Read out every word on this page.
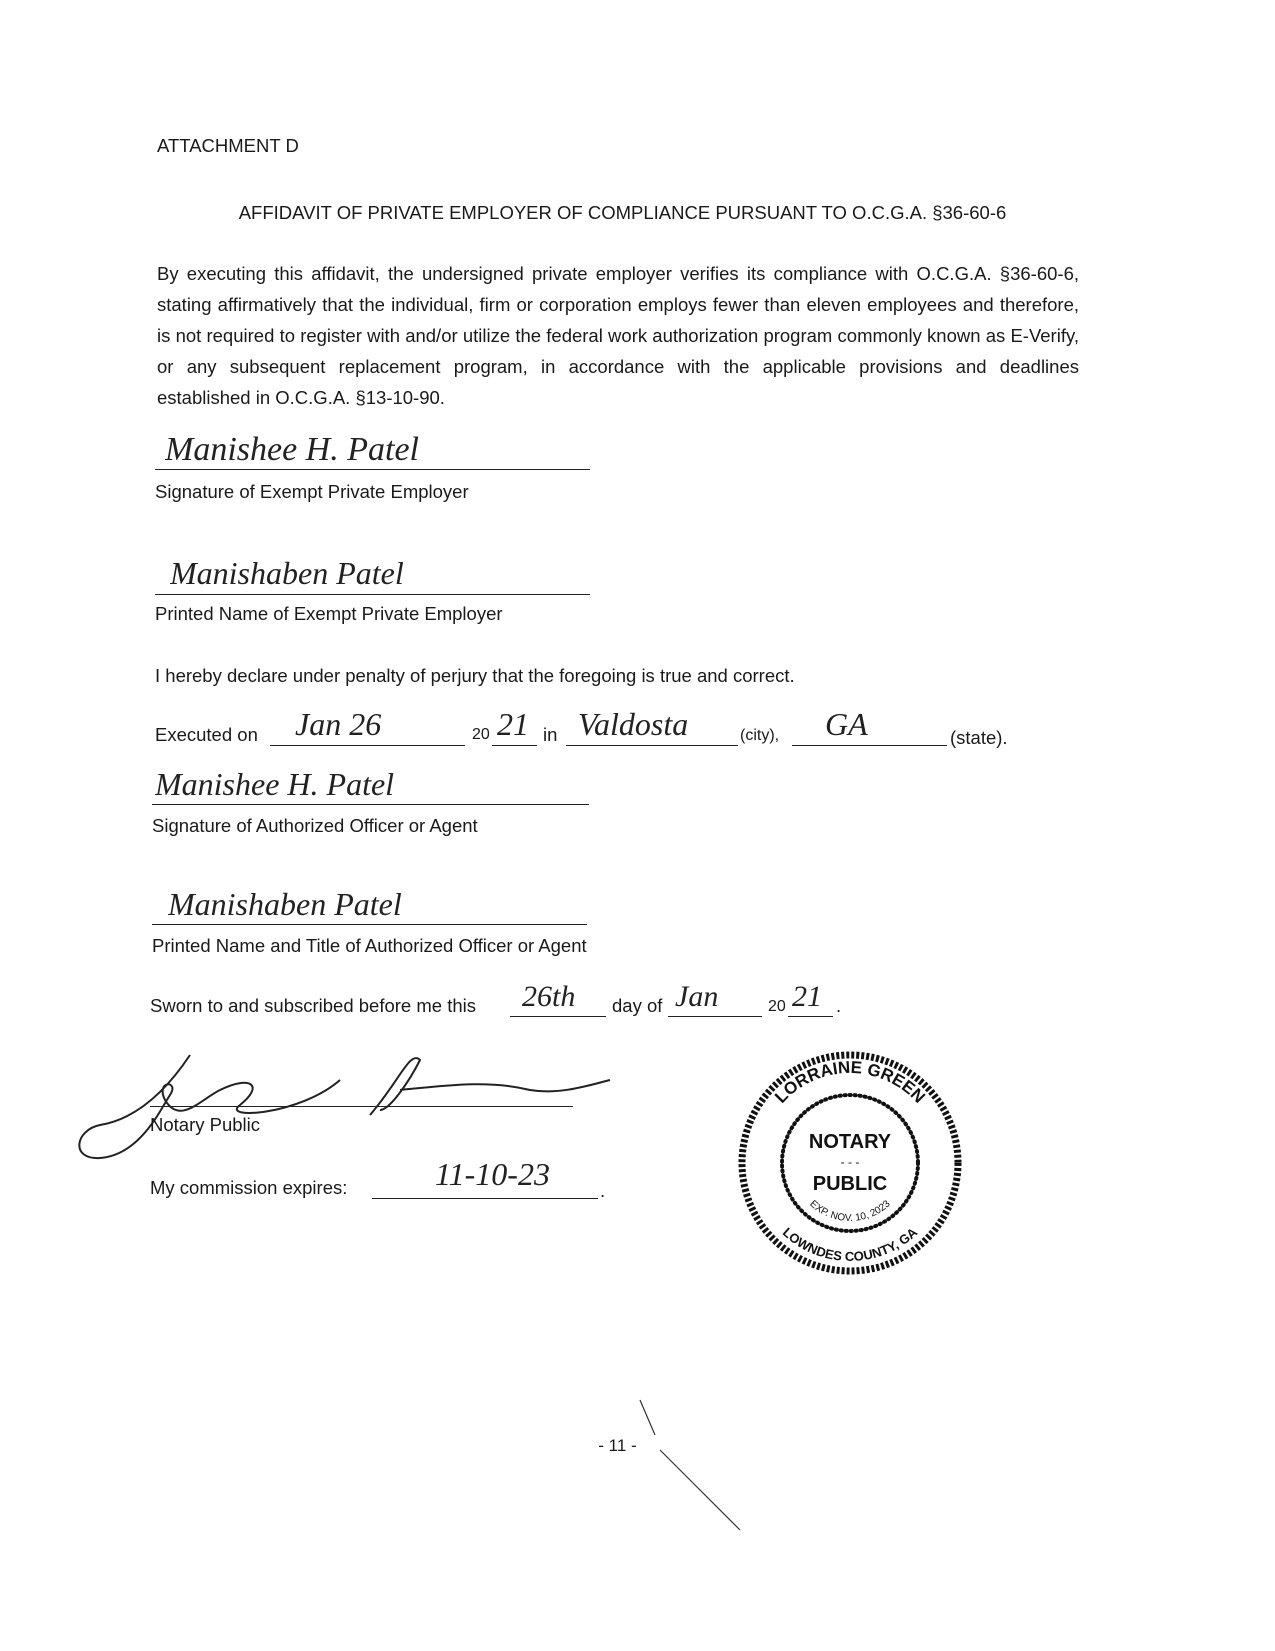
ATTACHMENT D
AFFIDAVIT OF PRIVATE EMPLOYER OF COMPLIANCE PURSUANT TO O.C.G.A. §36-60-6
By executing this affidavit, the undersigned private employer verifies its compliance with O.C.G.A. §36-60-6, stating affirmatively that the individual, firm or corporation employs fewer than eleven employees and therefore, is not required to register with and/or utilize the federal work authorization program commonly known as E-Verify, or any subsequent replacement program, in accordance with the applicable provisions and deadlines established in O.C.G.A. §13-10-90.
Manishee H. Patel
Signature of Exempt Private Employer
Manishaben Patel
Printed Name of Exempt Private Employer
I hereby declare under penalty of perjury that the foregoing is true and correct.
Executed on Jan 26	20 21 in Valdosta	(city), GA	(state).
Manishee H. Patel
Signature of Authorized Officer or Agent
Manishaben Patel
Printed Name and Title of Authorized Officer or Agent
Sworn to and subscribed before me this 26th day of Jan	20 21 .
Notary Public
My commission expires:	11-10-23	.
LORRAINE GREEN
LOWNDES COUNTY, GA
NOTARY
- - -
PUBLIC
EXP. NOV. 10, 2023
- 11 -
